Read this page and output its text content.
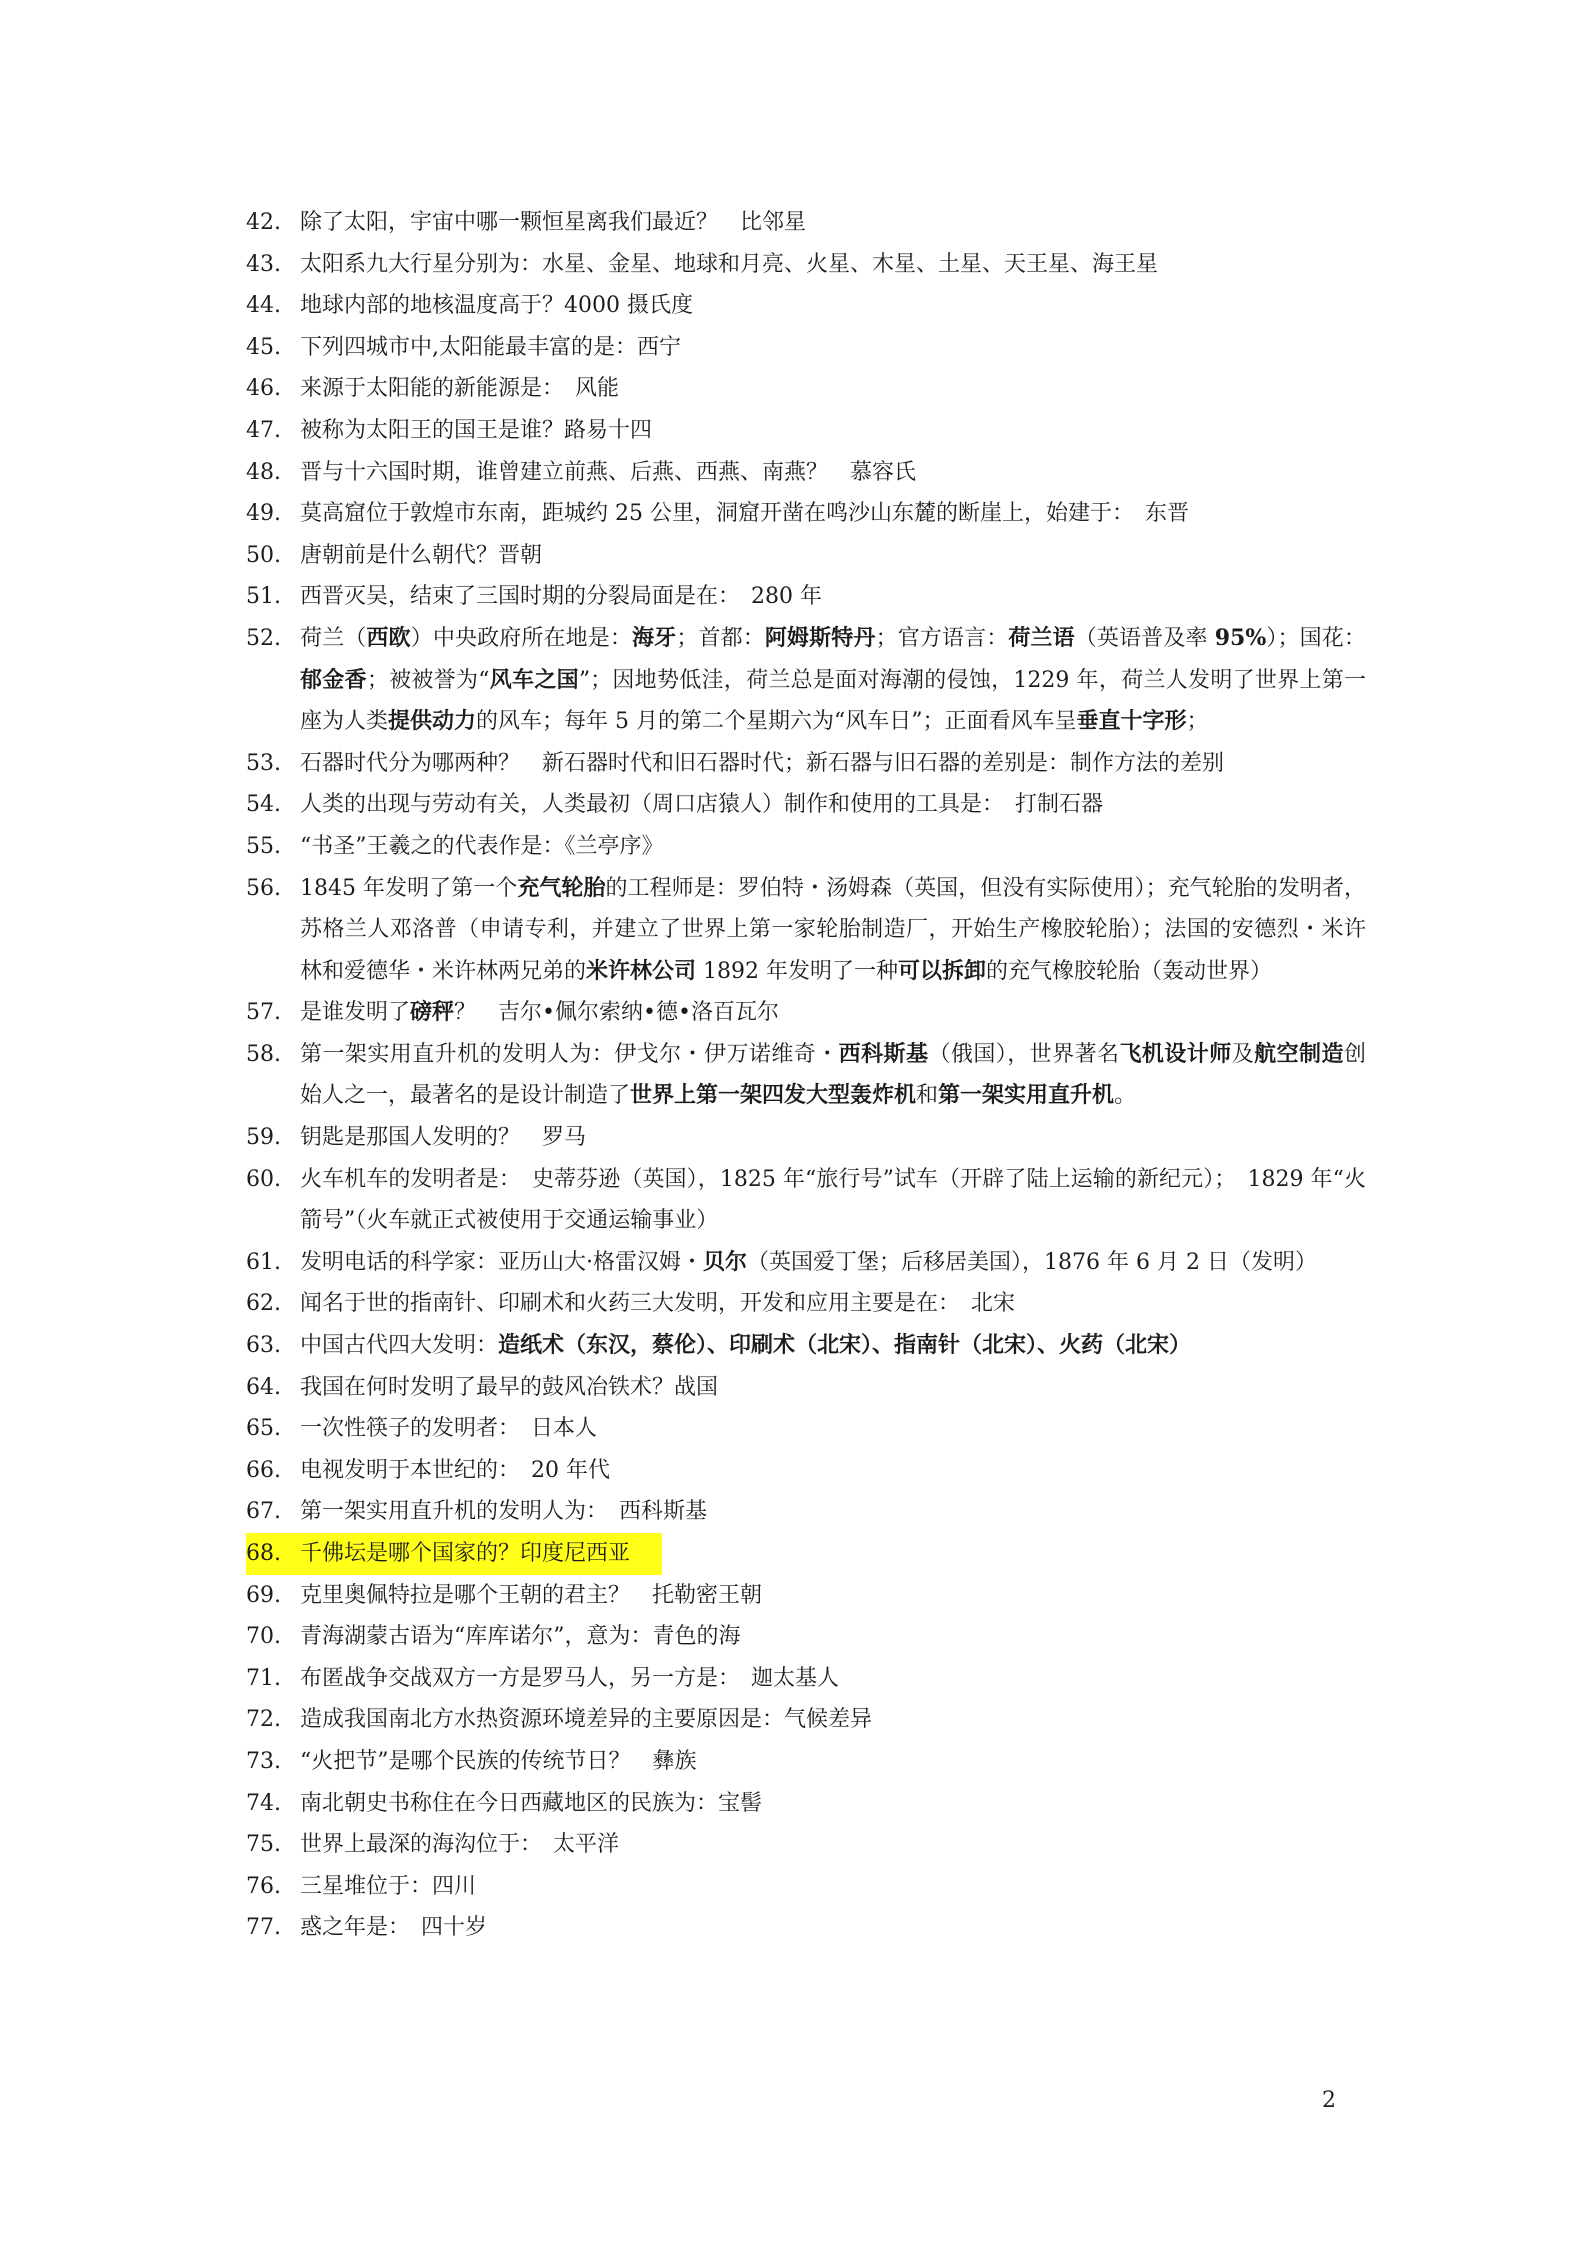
42. 除了太阳，宇宙中哪一颗恒星离我们最近？　比邻星
43. 太阳系九大行星分别为：水星、金星、地球和月亮、火星、木星、土星、天王星、海王星
44. 地球内部的地核温度高于？4000 摄氏度
45. 下列四城市中,太阳能最丰富的是：西宁
46. 来源于太阳能的新能源是：　风能
47. 被称为太阳王的国王是谁？路易十四
48. 晋与十六国时期，谁曾建立前燕、后燕、西燕、南燕？　慕容氏
49. 莫高窟位于敦煌市东南，距城约 25 公里，洞窟开凿在鸣沙山东麓的断崖上，始建于：　东晋
50. 唐朝前是什么朝代？晋朝
51. 西晋灭吴，结束了三国时期的分裂局面是在：　280 年
52. 荷兰（西欧）中央政府所在地是：海牙；首都：阿姆斯特丹；官方语言：荷兰语（英语普及率 95%）；国花：郁金香；被被誉为“风车之国”；因地势低洼，荷兰总是面对海潮的侵蚀，1229 年，荷兰人发明了世界上第一座为人类提供动力的风车；每年 5 月的第二个星期六为“风车日”；正面看风车呈垂直十字形；
53. 石器时代分为哪两种？　新石器时代和旧石器时代；新石器与旧石器的差别是：制作方法的差别
54. 人类的出现与劳动有关，人类最初（周口店猿人）制作和使用的工具是：　打制石器
55. “书圣”王羲之的代表作是：《兰亭序》
56. 1845 年发明了第一个充气轮胎的工程师是：罗伯特・汤姆森（英国，但没有实际使用）；充气轮胎的发明者，苏格兰人邓洛普（申请专利，并建立了世界上第一家轮胎制造厂，开始生产橡胶轮胎）；法国的安德烈・米许林和爱德华・米许林两兄弟的米许林公司 1892 年发明了一种可以拆卸的充气橡胶轮胎（轰动世界）
57. 是谁发明了磅秤？　吉尔•佩尔索纳•德•洛百瓦尔
58. 第一架实用直升机的发明人为：伊戈尔・伊万诺维奇・西科斯基（俄国），世界著名飞机设计师及航空制造创始人之一，最著名的是设计制造了世界上第一架四发大型轰炸机和第一架实用直升机。
59. 钥匙是那国人发明的？　罗马
60. 火车机车的发明者是：　史蒂芬逊（英国），1825 年“旅行号”试车（开辟了陆上运输的新纪元）；　1829 年“火箭号”（火车就正式被使用于交通运输事业）
61. 发明电话的科学家：亚历山大·格雷汉姆・贝尔（英国爱丁堡；后移居美国），1876 年 6 月 2 日（发明）
62. 闻名于世的指南针、印刷术和火药三大发明，开发和应用主要是在：　北宋
63. 中国古代四大发明：造纸术（东汉，蔡伦）、印刷术（北宋）、指南针（北宋）、火药（北宋）
64. 我国在何时发明了最早的鼓风冶铁术？战国
65. 一次性筷子的发明者：　日本人
66. 电视发明于本世纪的：　20 年代
67. 第一架实用直升机的发明人为：　西科斯基
68. 千佛坛是哪个国家的？印度尼西亚
69. 克里奥佩特拉是哪个王朝的君主？　托勒密王朝
70. 青海湖蒙古语为“库库诺尔”，意为：青色的海
71. 布匿战争交战双方一方是罗马人，另一方是：　迦太基人
72. 造成我国南北方水热资源环境差异的主要原因是：气候差异
73. “火把节”是哪个民族的传统节日？　彝族
74. 南北朝史书称住在今日西藏地区的民族为：宝髻
75. 世界上最深的海沟位于：　太平洋
76. 三星堆位于：四川
77. 惑之年是：　四十岁
2
